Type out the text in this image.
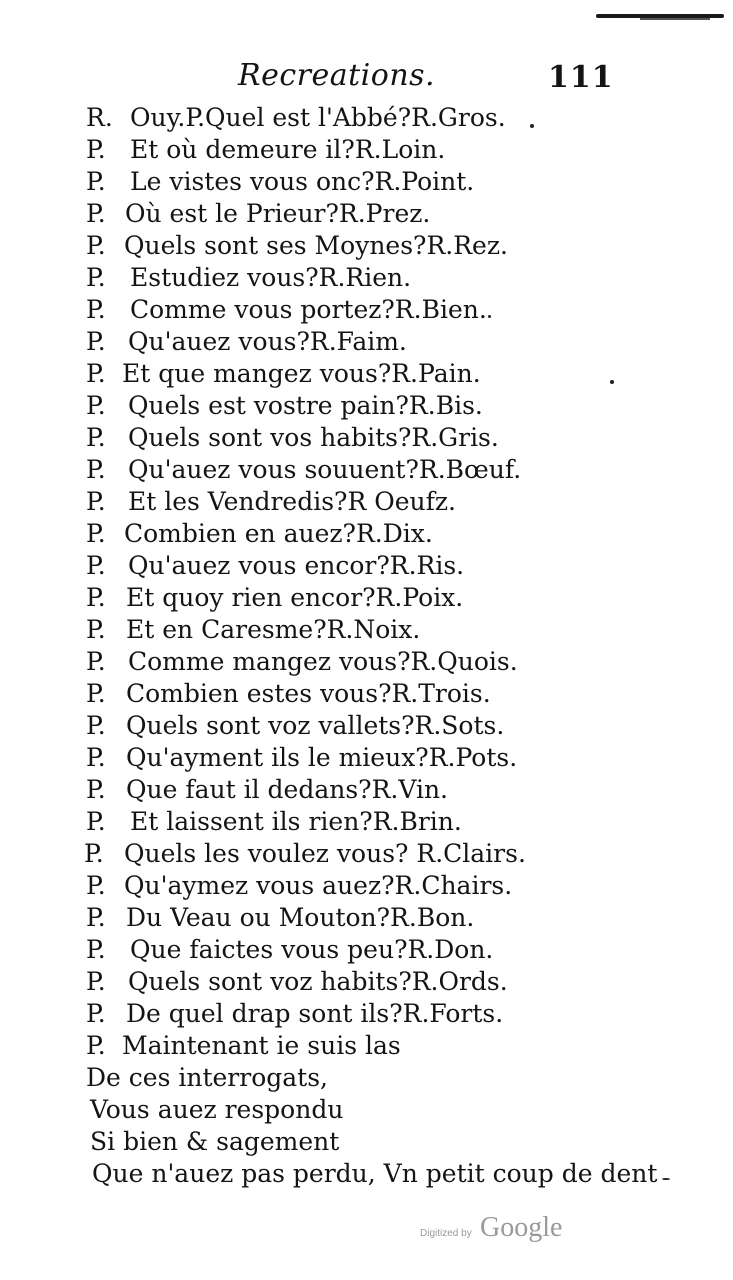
Recreations.	111
R. Ouy.P.Quel est l'Abbé?R.Gros.
P. Et où demeure il?R.Loin.
P. Le vistes vous onc?R.Point.
P. Où est le Prieur?R.Prez.
P. Quels sont ses Moynes?R.Rez.
P. Estudiez vous?R.Rien.
P. Comme vous portez?R.Bien.
P. Qu'auez vous?R.Faim.
P. Et que mangez vous?R.Pain.
P. Quels est vostre pain?R.Bis.
P. Quels sont vos habits?R.Gris.
P. Qu'auez vous souuent?R.Bœuf.
P. Et les Vendredis?R Oeufz.
P. Combien en auez?R.Dix.
P. Qu'auez vous encor?R.Ris.
P. Et quoy rien encor?R.Poix.
P. Et en Caresme?R.Noix.
P. Comme mangez vous?R.Quois.
P. Combien estes vous?R.Trois.
P. Quels sont voz vallets?R.Sots.
P. Qu'ayment ils le mieux?R.Pots.
P. Que faut il dedans?R.Vin.
P. Et laissent ils rien?R.Brin.
P. Quels les voulez vous? R.Clairs.
P. Qu'aymez vous auez?R.Chairs.
P. Du Veau ou Mouton?R.Bon.
P. Que faictes vous peu?R.Don.
P. Quels sont voz habits?R.Ords.
P. De quel drap sont ils?R.Forts.
P. Maintenant ie suis las
De ces interrogats,
Vous auez respondu
Si bien & sagement
Que n'auez pas perdu, Vn petit coup de dent
Digitized by Google
